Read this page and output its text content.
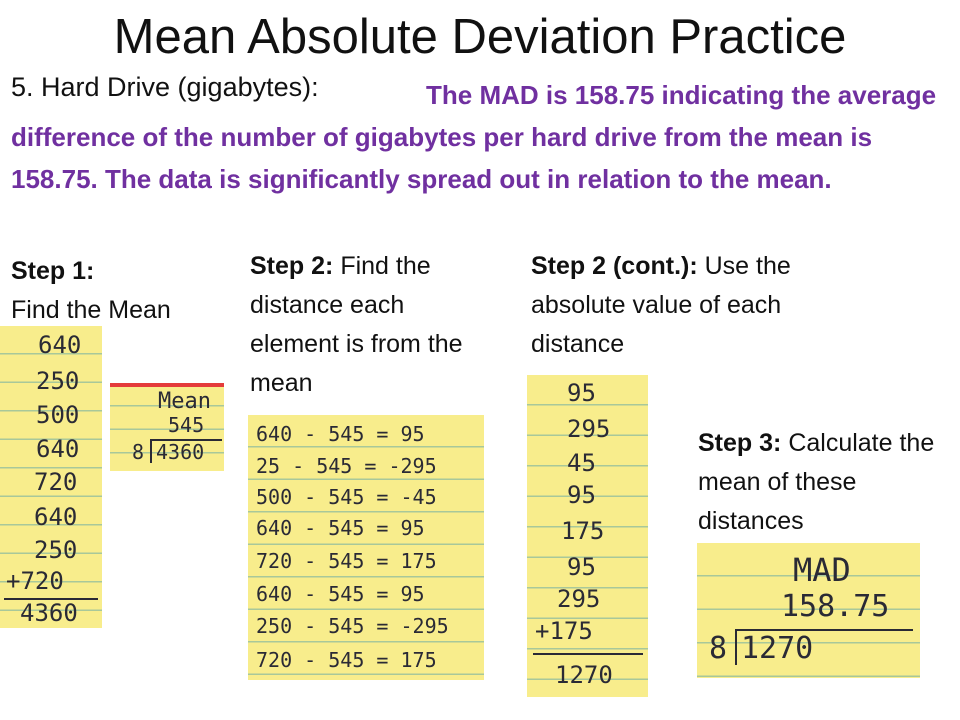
Mean Absolute Deviation Practice
5. Hard Drive (gigabytes):	The MAD is 158.75 indicating the average difference of the number of gigabytes per hard drive from the mean is 158.75. The data is significantly spread out in relation to the mean.
Step 1:
Find the Mean
Step 2: Find the distance each element is from the mean
Step 2 (cont.): Use the absolute value of each distance
Step 3: Calculate the mean of these distances
640
250
500
640
720
640
250
+720
4360
Mean
545
8 4360
640 - 545 = 95
25 - 545 = -295
500 - 545 = -45
640 - 545 = 95
720 - 545 = 175
640 - 545 = 95
250 - 545 = -295
720 - 545 = 175
95
295
45
95
175
95
295
+175
1270
MAD
158.75
8 1270
